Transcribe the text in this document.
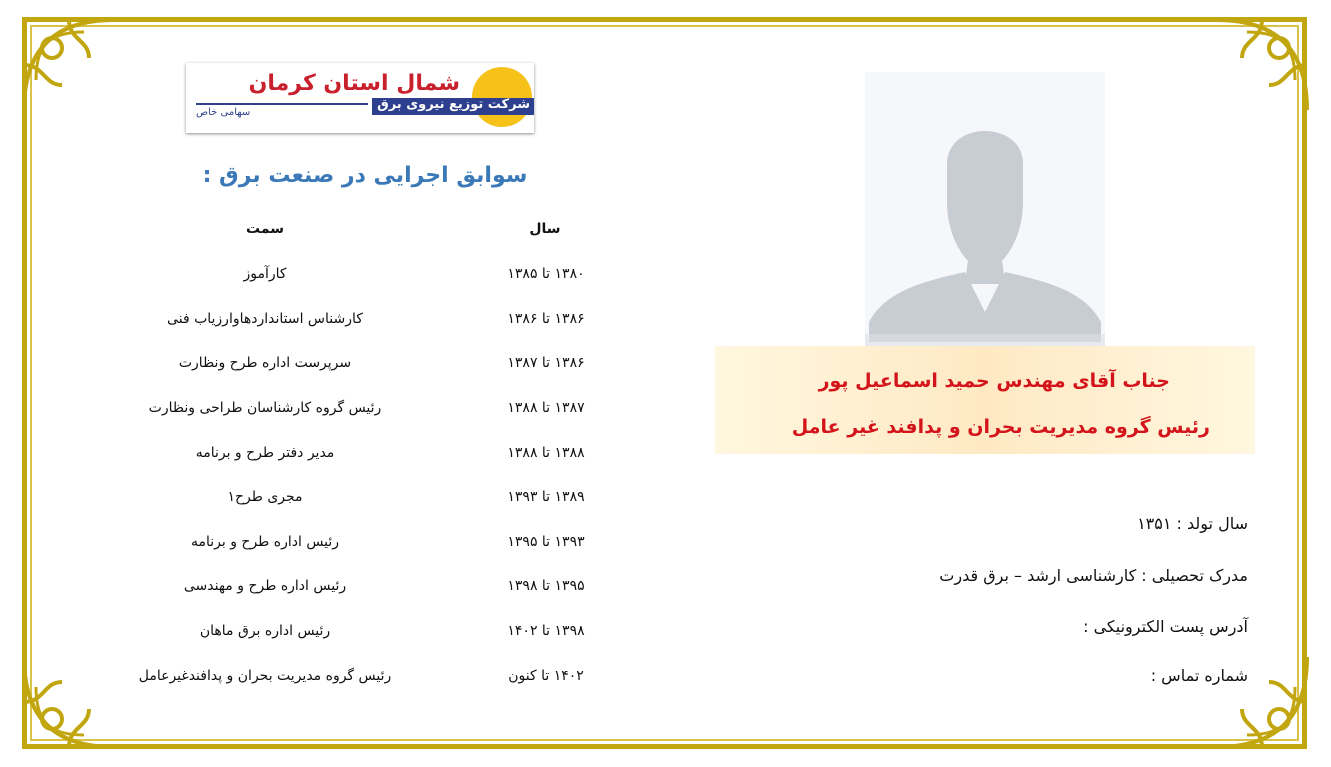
شمال استان کرمان
شرکت توزیع نیروی برق
سهامی خاص
سوابق اجرایی در صنعت برق :
سال
سمت
۱۳۸۰ تا ۱۳۸۵
کارآموز
۱۳۸۶ تا ۱۳۸۶
کارشناس استانداردهاوارزیاب فنی
۱۳۸۶ تا ۱۳۸۷
سرپرست اداره طرح ونظارت
۱۳۸۷ تا ۱۳۸۸
رئیس گروه کارشناسان طراحی ونظارت
۱۳۸۸ تا ۱۳۸۸
مدیر دفتر طرح و برنامه
۱۳۸۹ تا ۱۳۹۳
مجری طرح۱
۱۳۹۳ تا ۱۳۹۵
رئیس اداره طرح و برنامه
۱۳۹۵ تا ۱۳۹۸
رئیس اداره طرح و مهندسی
۱۳۹۸ تا ۱۴۰۲
رئیس اداره برق ماهان
۱۴۰۲ تا کنون
رئیس گروه مدیریت بحران و پدافندغیرعامل
جناب آقای مهندس حمید اسماعیل پور
رئیس گروه مدیریت بحران و پدافند غیر عامل
سال تولد : ۱۳۵۱
مدرک تحصیلی : کارشناسی ارشد – برق قدرت
آدرس پست الکترونیکی :
شماره تماس :
